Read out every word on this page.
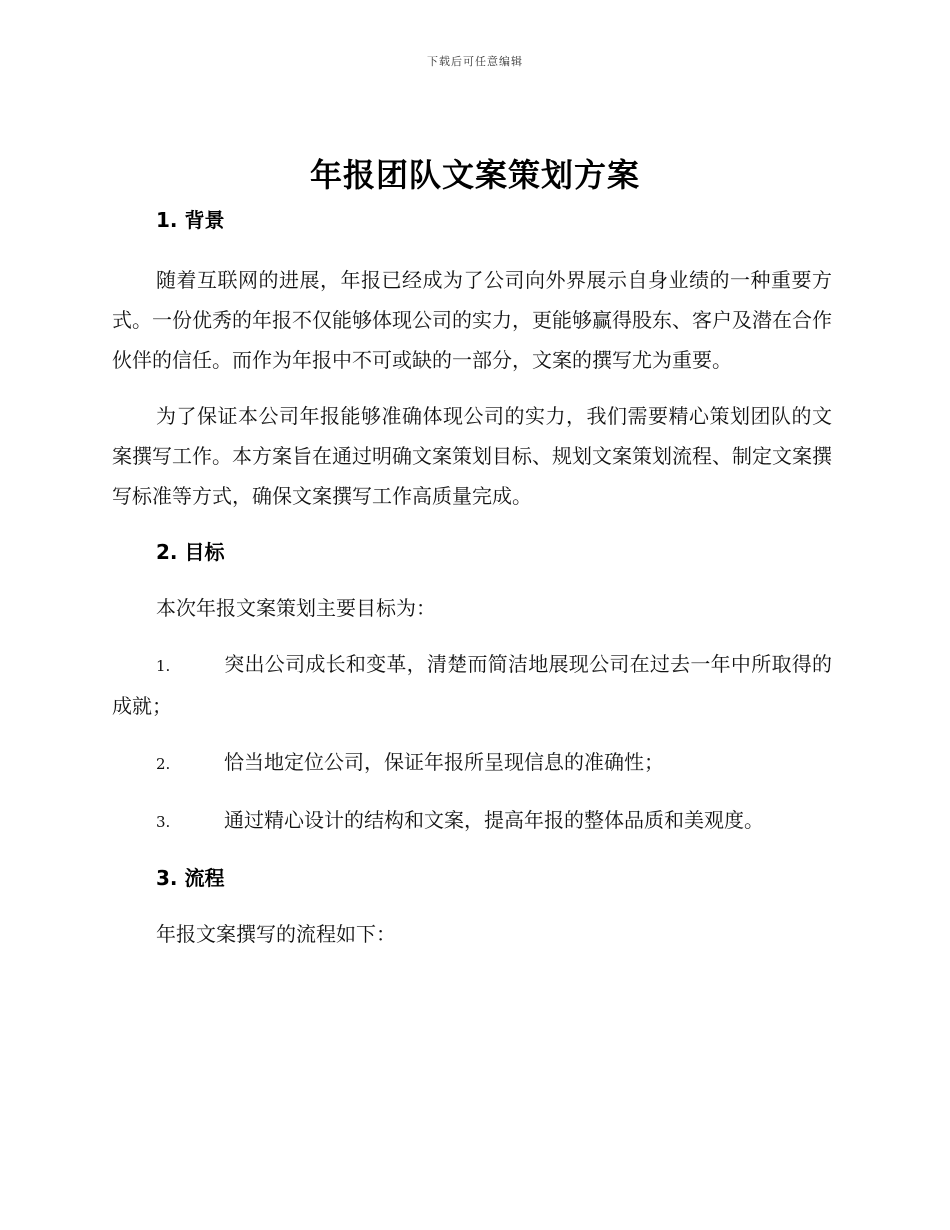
下载后可任意编辑
年报团队文案策划方案
1. 背景

随着互联网的进展，年报已经成为了公司向外界展示自身业绩的一种重要方式。一份优秀的年报不仅能够体现公司的实力，更能够赢得股东、客户及潜在合作伙伴的信任。而作为年报中不可或缺的一部分，文案的撰写尤为重要。

为了保证本公司年报能够准确体现公司的实力，我们需要精心策划团队的文案撰写工作。本方案旨在通过明确文案策划目标、规划文案策划流程、制定文案撰写标准等方式，确保文案撰写工作高质量完成。

2. 目标

本次年报文案策划主要目标为：

1.	突出公司成长和变革，清楚而简洁地展现公司在过去一年中所取得的成就；

2.	恰当地定位公司，保证年报所呈现信息的准确性；

3.	通过精心设计的结构和文案，提高年报的整体品质和美观度。

3. 流程

年报文案撰写的流程如下：
